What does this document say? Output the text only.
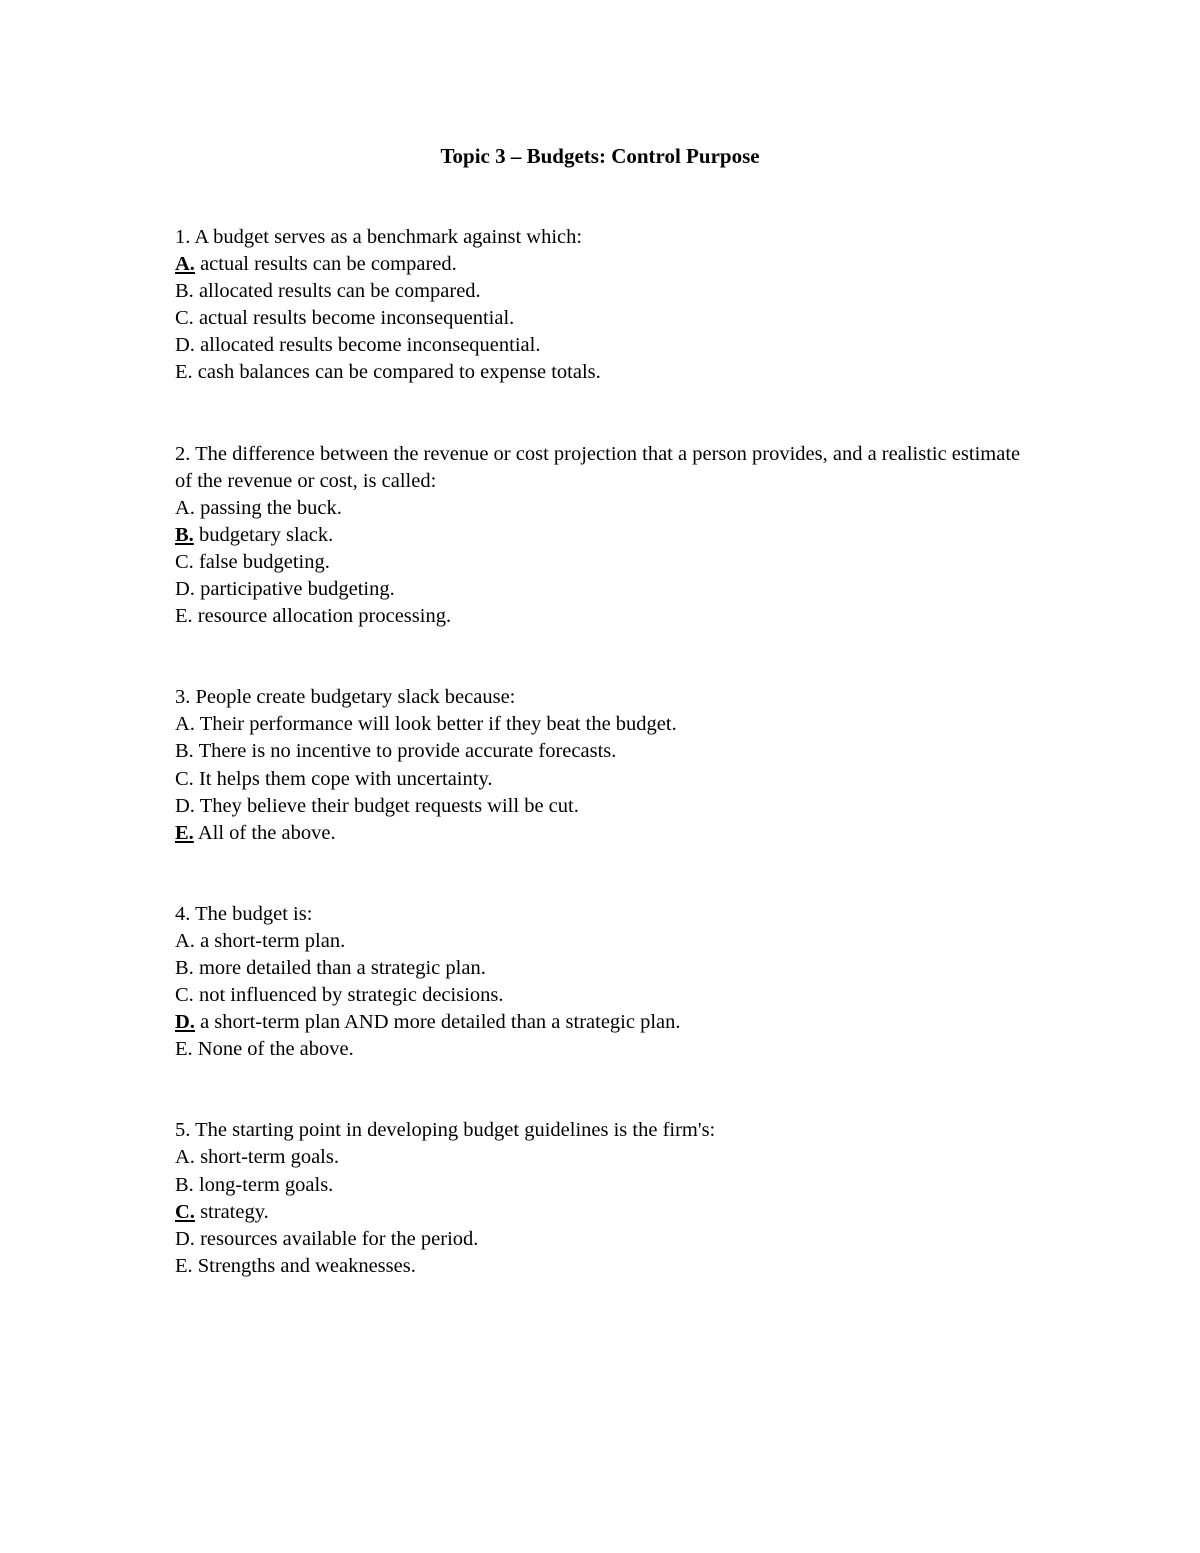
Topic 3 – Budgets: Control Purpose

1. A budget serves as a benchmark against which:

A. actual results can be compared.

B. allocated results can be compared.

C. actual results become inconsequential.

D. allocated results become inconsequential.

E. cash balances can be compared to expense totals.

2. The difference between the revenue or cost projection that a person provides, and a realistic estimate of the revenue or cost, is called:

A. passing the buck.

B. budgetary slack.

C. false budgeting.

D. participative budgeting.

E. resource allocation processing.

3. People create budgetary slack because:

A. Their performance will look better if they beat the budget.

B. There is no incentive to provide accurate forecasts.

C. It helps them cope with uncertainty.

D. They believe their budget requests will be cut.

E. All of the above.

4. The budget is:

A. a short-term plan.

B. more detailed than a strategic plan.

C. not influenced by strategic decisions.

D. a short-term plan AND more detailed than a strategic plan.

E. None of the above.

5. The starting point in developing budget guidelines is the firm's:

A. short-term goals.

B. long-term goals.

C. strategy.

D. resources available for the period.

E. Strengths and weaknesses.
